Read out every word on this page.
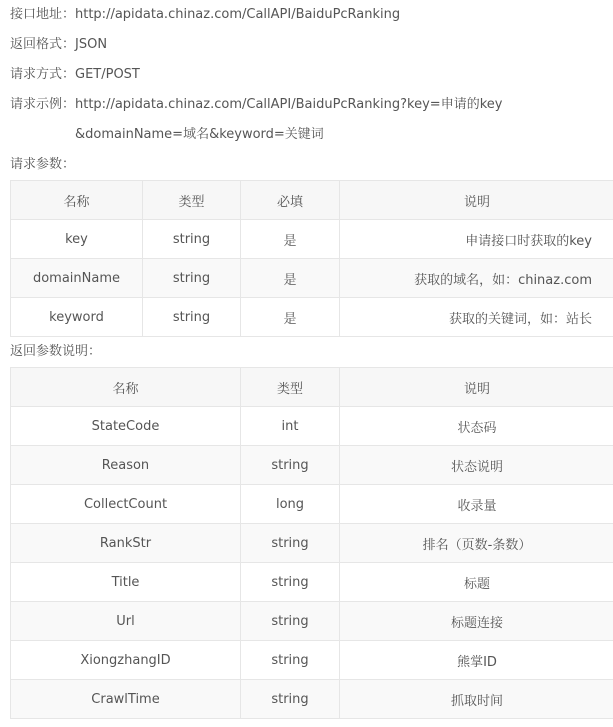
接口地址：http://apidata.chinaz.com/CallAPI/BaiduPcRanking
返回格式：JSON
请求方式：GET/POST
请求示例：http://apidata.chinaz.com/CallAPI/BaiduPcRanking?key=申请的key
&domainName=域名&keyword=关键词
请求参数：
名称	类型	必填	说明
key	string	是	申请接口时获取的key
domainName	string	是	获取的域名，如：chinaz.com
keyword	string	是	获取的关键词，如：站长
返回参数说明：
名称	类型	说明
StateCode	int	状态码
Reason	string	状态说明
CollectCount	long	收录量
RankStr	string	排名（页数-条数）
Title	string	标题
Url	string	标题连接
XiongzhangID	string	熊掌ID
CrawlTime	string	抓取时间
